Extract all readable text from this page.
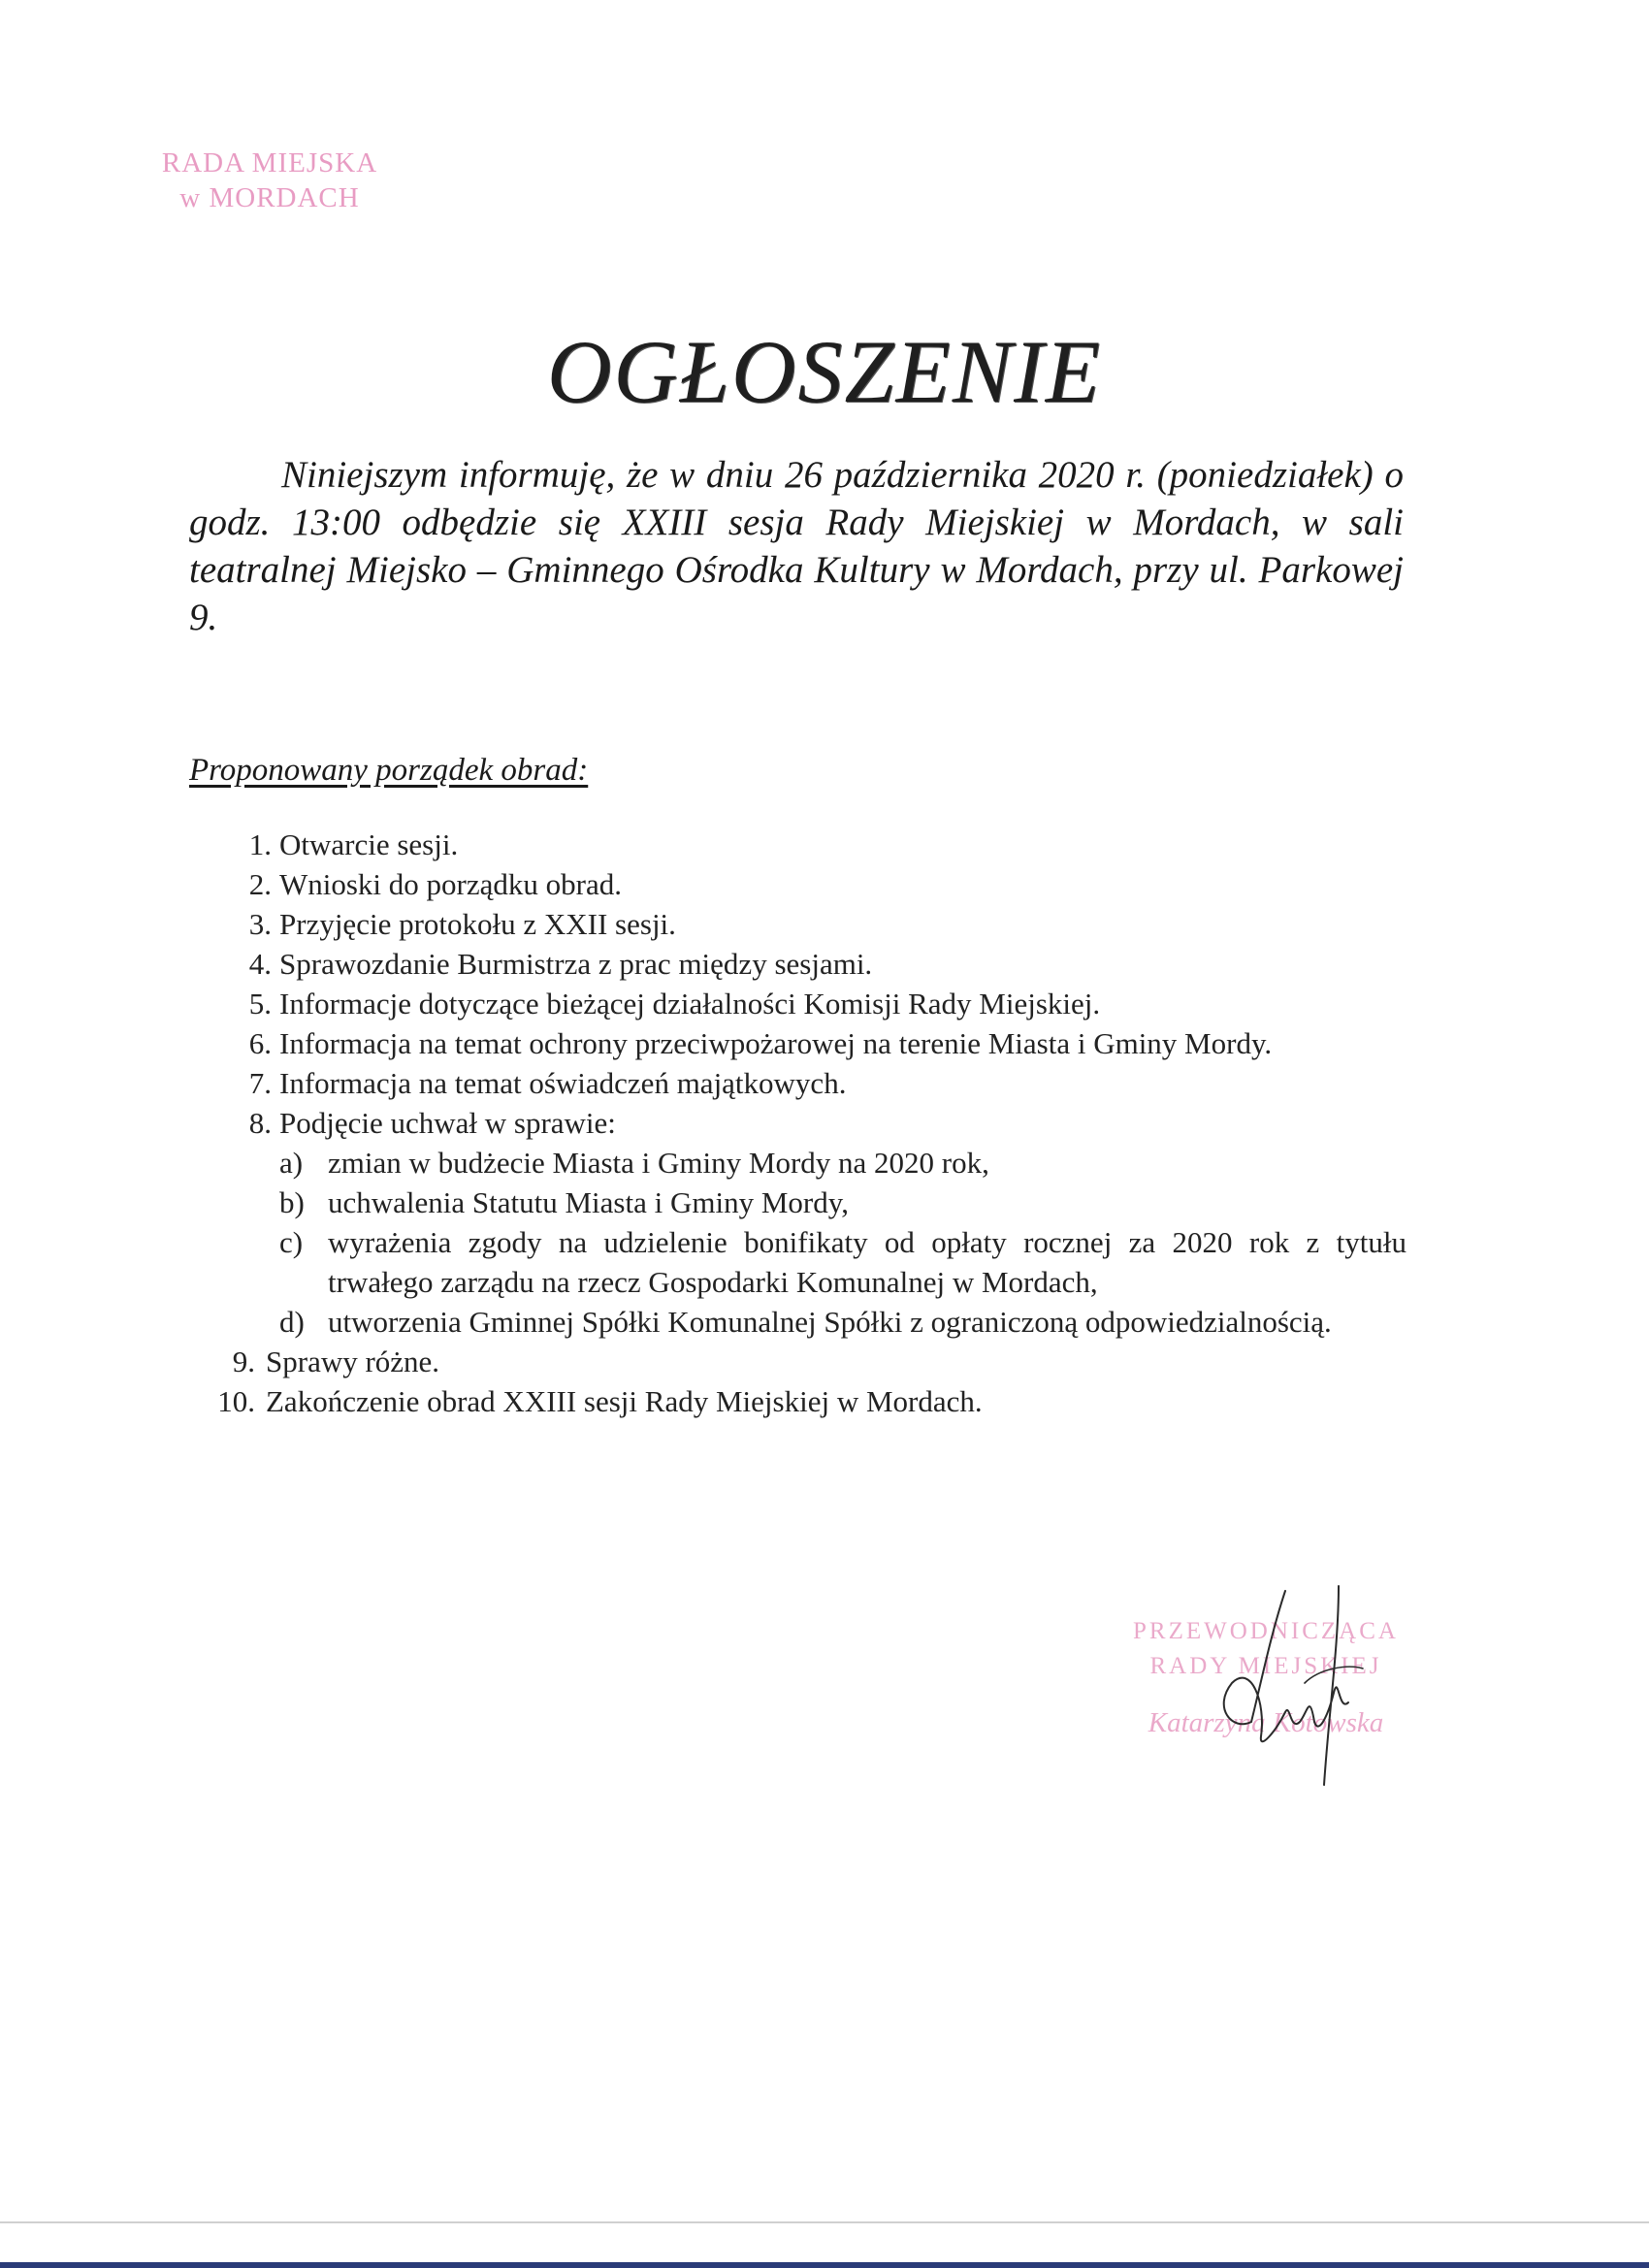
RADA MIEJSKA
w MORDACH
OGŁOSZENIE

Niniejszym informuję, że w dniu 26 października 2020 r. (poniedziałek) o godz. 13:00 odbędzie się XXIII sesja Rady Miejskiej w Mordach, w sali teatralnej Miejsko – Gminnego Ośrodka Kultury w Mordach, przy ul. Parkowej 9.

Proponowany porządek obrad:
1. Otwarcie sesji.
2. Wnioski do porządku obrad.
3. Przyjęcie protokołu z XXII sesji.
4. Sprawozdanie Burmistrza z prac między sesjami.
5. Informacje dotyczące bieżącej działalności Komisji Rady Miejskiej.
6. Informacja na temat ochrony przeciwpożarowej na terenie Miasta i Gminy Mordy.
7. Informacja na temat oświadczeń majątkowych.
8. Podjęcie uchwał w sprawie:
a) zmian w budżecie Miasta i Gminy Mordy na 2020 rok,
b) uchwalenia Statutu Miasta i Gminy Mordy,
c) wyrażenia zgody na udzielenie bonifikaty od opłaty rocznej za 2020 rok z tytułu trwałego zarządu na rzecz Gospodarki Komunalnej w Mordach,
d) utworzenia Gminnej Spółki Komunalnej Spółki z ograniczoną odpowiedzialnością.
9. Sprawy różne.
10. Zakończenie obrad XXIII sesji Rady Miejskiej w Mordach.
PRZEWODNICZĄCA
RADY MIEJSKIEJ
Katarzyna Kotowska
